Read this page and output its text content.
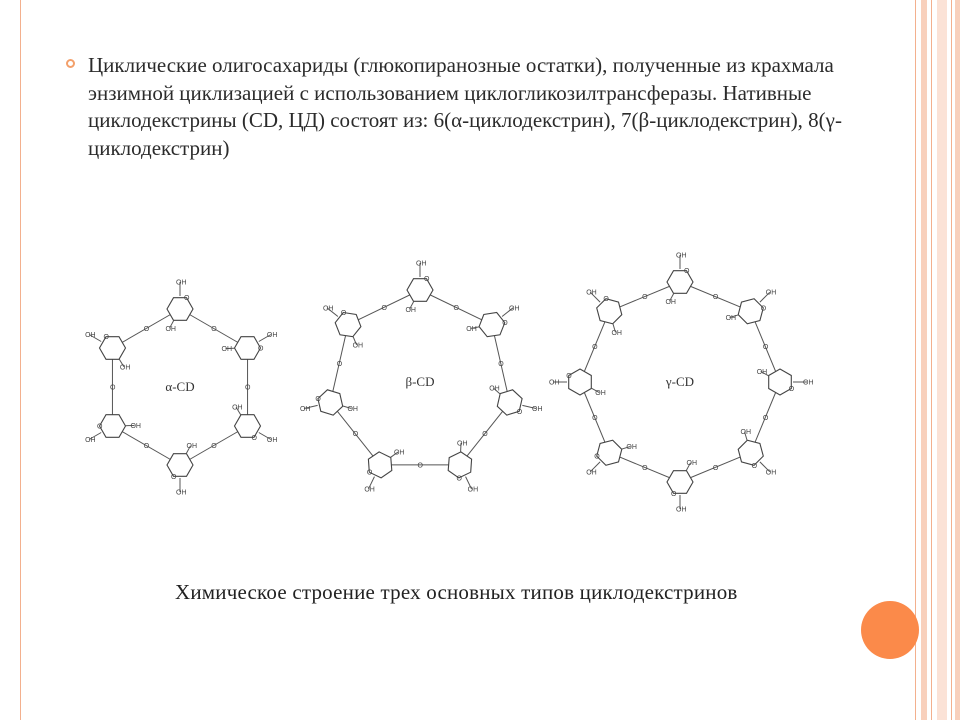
Циклические олигосахариды (глюкопиранозные остатки), полученные из крахмала энзимной циклизацией с использованием циклогликозилтрансферазы. Нативные циклодекстрины (CD, ЦД) состоят из: 6(α-циклодекстрин), 7(β-циклодекстрин), 8(γ-циклодекстрин)
O
O
O
O
O
O
O
OH
OH
O
OH
OH
O OH
OH
O
OH
OH
O
OH
OH
O
OH
OH
α-CD
O
O
O
O
O
O
O
O
OH
OH
O
OH
OH
O OH
OH
O
OH
OH
O
OH
OH
O
OH	OH
O
OH
OH
β-CD
O
O
O
O
O
O
O
O
O
OH
OH
O
OH
OH
O
OH
OH
O
OH
OH
O
OH
OH
O
OH
OH
O
OH
OH
O
OH
OH
γ-CD
Химическое строение трех основных типов циклодекстринов
